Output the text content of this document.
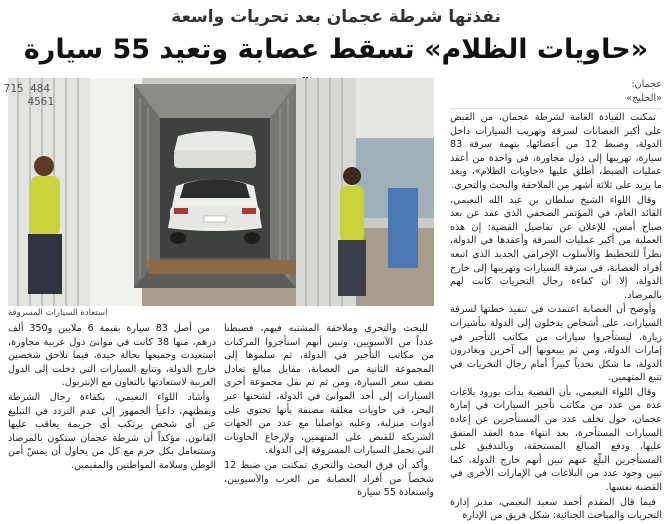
نفذتها شرطة عجمان بعد تحريات واسعة
«حاويات الظلام» تسقط عصابة وتعيد 55 سيارة
484 715
4561
استعادة السيارات المسروقة
عجمان:
«الخليج»

تمكنت القيادة العامة لشرطة عجمان، من القبض على أكبر العصابات لسرقة وتهريب السيارات داخل الدولة، وضبط 12 من أعضائها، بتهمة سرقة 83 سيارة، تهريبها إلى دول مجاورة، في واحدة من أعقد عمليات الضبط، أطلق عليها «حاويات الظلام»، وبعد ما يزيد على ثلاثة أشهر من الملاحقة والبحث والتحري.

وقال اللواء الشيخ سلطان بن عبد الله النعيمي، القائد العام، في المؤتمر الصحفي الذي عقد عن بعد صباح أمس، للإعلان عن تفاصيل القضية: إن هذه العملية من أكبر عمليات السرقة وأعقدها في الدولة، نظراً للتخطيط والأسلوب الإجرامي الجديد الذي اتبعه أفراد العصابة، في سرقة السيارات وتهريبها إلى خارج الدولة، إلا أن كفاءة رجال التحريات كانت لهم بالمرصاد.

وأوضح أن العصابة اعتمدت في تنفيذ خطتها لسرقة السيارات، على أشخاص يدخلون إلى الدولة بتأشيرات زيارة، ليستأجروا سيارات من مكاتب التأجير في إمارات الدولة، ومن ثم يبيعونها إلى آخرين ويغادرون الدولة، ما شكل تحدياً كبيراً أمام رجال التحريات في تتبع المتهمين.

وقال اللواء النعيمي، بأن القضية بدأت بورود بلاغات عدة من عدد من مكاتب تأجير السيارات في إمارة عجمان، حول تخلف عدد من المستأجرين عن إعادة السيارات المستأجرة، بعد انتهاء مدة العقد المتفق عليها، ودفع المبالغ المستحقة، وبالتدقيق على المستأجرين البلّغ عنهم تبين أنهم خارج الدولة، كما تبين وجود عدد من البلاغات في الإمارات الأخرى في القضية نفسها.

فيما قال المقدم أحمد سعيد النعيمي، مدير إدارة التحريات والمباحث الجنائية: شكل فريق من الإدارة

للبحث والتحري وملاحقة المشتبه فيهم، فضبطنا عدداً من الآسيويين، وتبين أنهم استأجروا المركبات من مكاتب التأجير في الدولة، ثم سلموها إلى المجموعة الثانية من العصابة، مقابل مبالغ تعادل نصف سعر السيارة، ومن ثم تم نقل مجموعة أخرى السيارات إلى أحد الموانئ في الدولة، لشحنها عبر البحر، في حاويات مغلقة مصنفة بأنها تحتوي على أدوات منزلية، وعليه تواصلنا مع عدد من الجهات الشريكة للقبض على المتهمين، ولإرجاع الحاويات التي تحمل السيارات المسروقة إلى الدولة.

وأكد أن فرق البحث والتحري تمكنت من ضبط 12 شخصاً من أفراد العصابة من العرب والآسيويين، واستعادة 55 سيارة

من أصل 83 سيارة بقيمة 6 ملايين و350 ألف درهم، منها 38 كانت في موانئ دول عربية مجاورة، استعيدت وجميعها بحالة جيدة، فيما تلاحق شخصين خارج الدولة، وتتابع السيارات التي دخلت إلى الدول العربية لاستعادتها بالتعاون مع الإنتربول.

وأشاد اللواء النعيمي، بكفاءة رجال الشرطة ويقظتهم، داعياً الجمهور إلى عدم التردد في التبليغ عن أي شخص يرتكب أي جريمة يعاقب عليها القانون. مؤكداً أن شرطة عجمان ستكون بالمرصاد وستتعامل بكل حزم مع كل من يحاول أن يمسّ أمن الوطن وسلامة المواطنين والمقيمين.
